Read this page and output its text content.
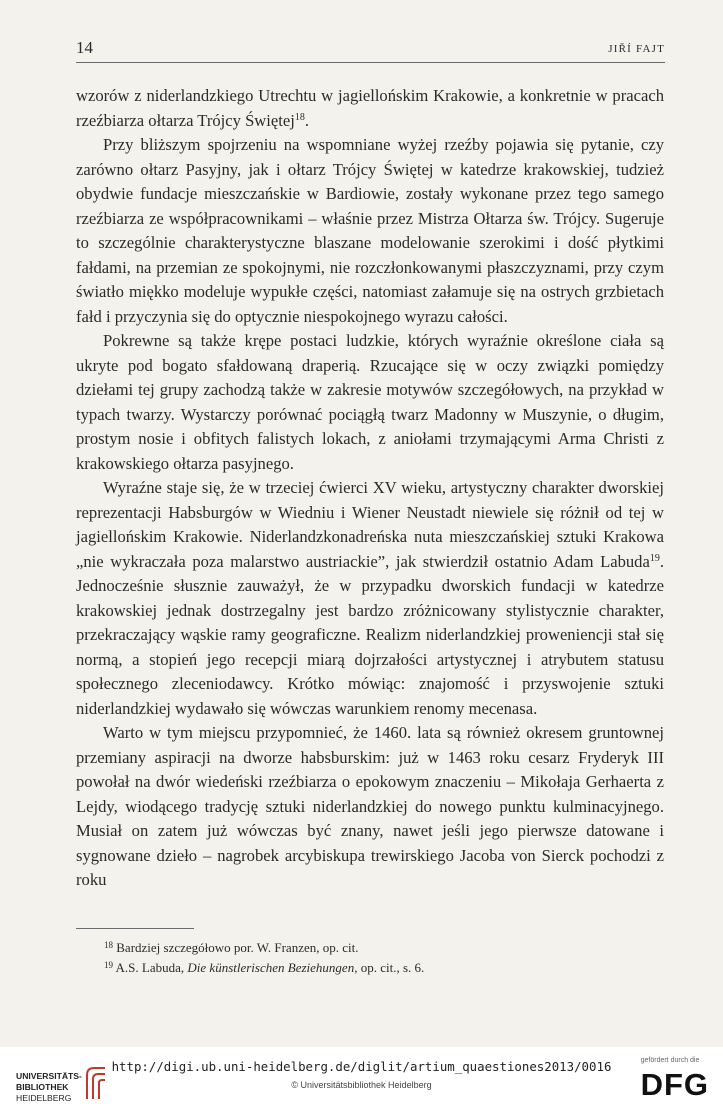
14	JIŘÍ FAJT

wzorów z niderlandzkiego Utrechtu w jagiellońskim Krakowie, a konkretnie w pracach rzeźbiarza ołtarza Trójcy Świętej$^{18}$.

Przy bliższym spojrzeniu na wspomniane wyżej rzeźby pojawia się pytanie, czy zarówno ołtarz Pasyjny, jak i ołtarz Trójcy Świętej w katedrze krakowskiej, tudzież obydwie fundacje mieszczańskie w Bardiowie, zostały wykonane przez tego samego rzeźbiarza ze współpracownikami – właśnie przez Mistrza Ołtarza św. Trójcy. Sugeruje to szczególnie charakterystyczne blaszane modelowanie szerokimi i dość płytkimi fałdami, na przemian ze spokojnymi, nie rozczłonkowanymi płaszczyznami, przy czym światło miękko modeluje wypukłe części, natomiast załamuje się na ostrych grzbietach fałd i przyczynia się do optycznie niespokojnego wyrazu całości.

Pokrewne są także krępe postaci ludzkie, których wyraźnie określone ciała są ukryte pod bogato sfałdowaną draperią. Rzucające się w oczy związki pomiędzy dziełami tej grupy zachodzą także w zakresie motywów szczegółowych, na przykład w typach twarzy. Wystarczy porównać pociągłą twarz Madonny w Muszynie, o długim, prostym nosie i obfitych falistych lokach, z aniołami trzymającymi Arma Christi z krakowskiego ołtarza pasyjnego.

Wyraźne staje się, że w trzeciej ćwierci XV wieku, artystyczny charakter dworskiej reprezentacji Habsburgów w Wiedniu i Wiener Neustadt niewiele się różnił od tej w jagiellońskim Krakowie. Niderlandzkonadreńska nuta mieszczańskiej sztuki Krakowa „nie wykraczała poza malarstwo austriackie”, jak stwierdził ostatnio Adam Labuda$^{19}$. Jednocześnie słusznie zauważył, że w przypadku dworskich fundacji w katedrze krakowskiej jednak dostrzegalny jest bardzo zróżnicowany stylistycznie charakter, przekraczający wąskie ramy geograficzne. Realizm niderlandzkiej proweniencji stał się normą, a stopień jego recepcji miarą dojrzałości artystycznej i atrybutem statusu społecznego zleceniodawcy. Krótko mówiąc: znajomość i przyswojenie sztuki niderlandzkiej wydawało się wówczas warunkiem renomy mecenasa.

Warto w tym miejscu przypomnieć, że 1460. lata są również okresem gruntownej przemiany aspiracji na dworze habsburskim: już w 1463 roku cesarz Fryderyk III powołał na dwór wiedeński rzeźbiarza o epokowym znaczeniu – Mikołaja Gerhaerta z Lejdy, wiodącego tradycję sztuki niderlandzkiej do nowego punktu kulminacyjnego. Musiał on zatem już wówczas być znany, nawet jeśli jego pierwsze datowane i sygnowane dzieło – nagrobek arcybiskupa trewirskiego Jacoba von Sierck pochodzi z roku

$^{18}$ Bardziej szczegółowo por. W. Franzen, op. cit.
$^{19}$ A.S. Labuda, Die künstlerischen Beziehungen, op. cit., s. 6.
UNIVERSITÄTS-
BIBLIOTHEK
HEIDELBERG
http://digi.ub.uni-heidelberg.de/diglit/artium_quaestiones2013/0016
© Universitätsbibliothek Heidelberg
gefördert durch die
DFG
